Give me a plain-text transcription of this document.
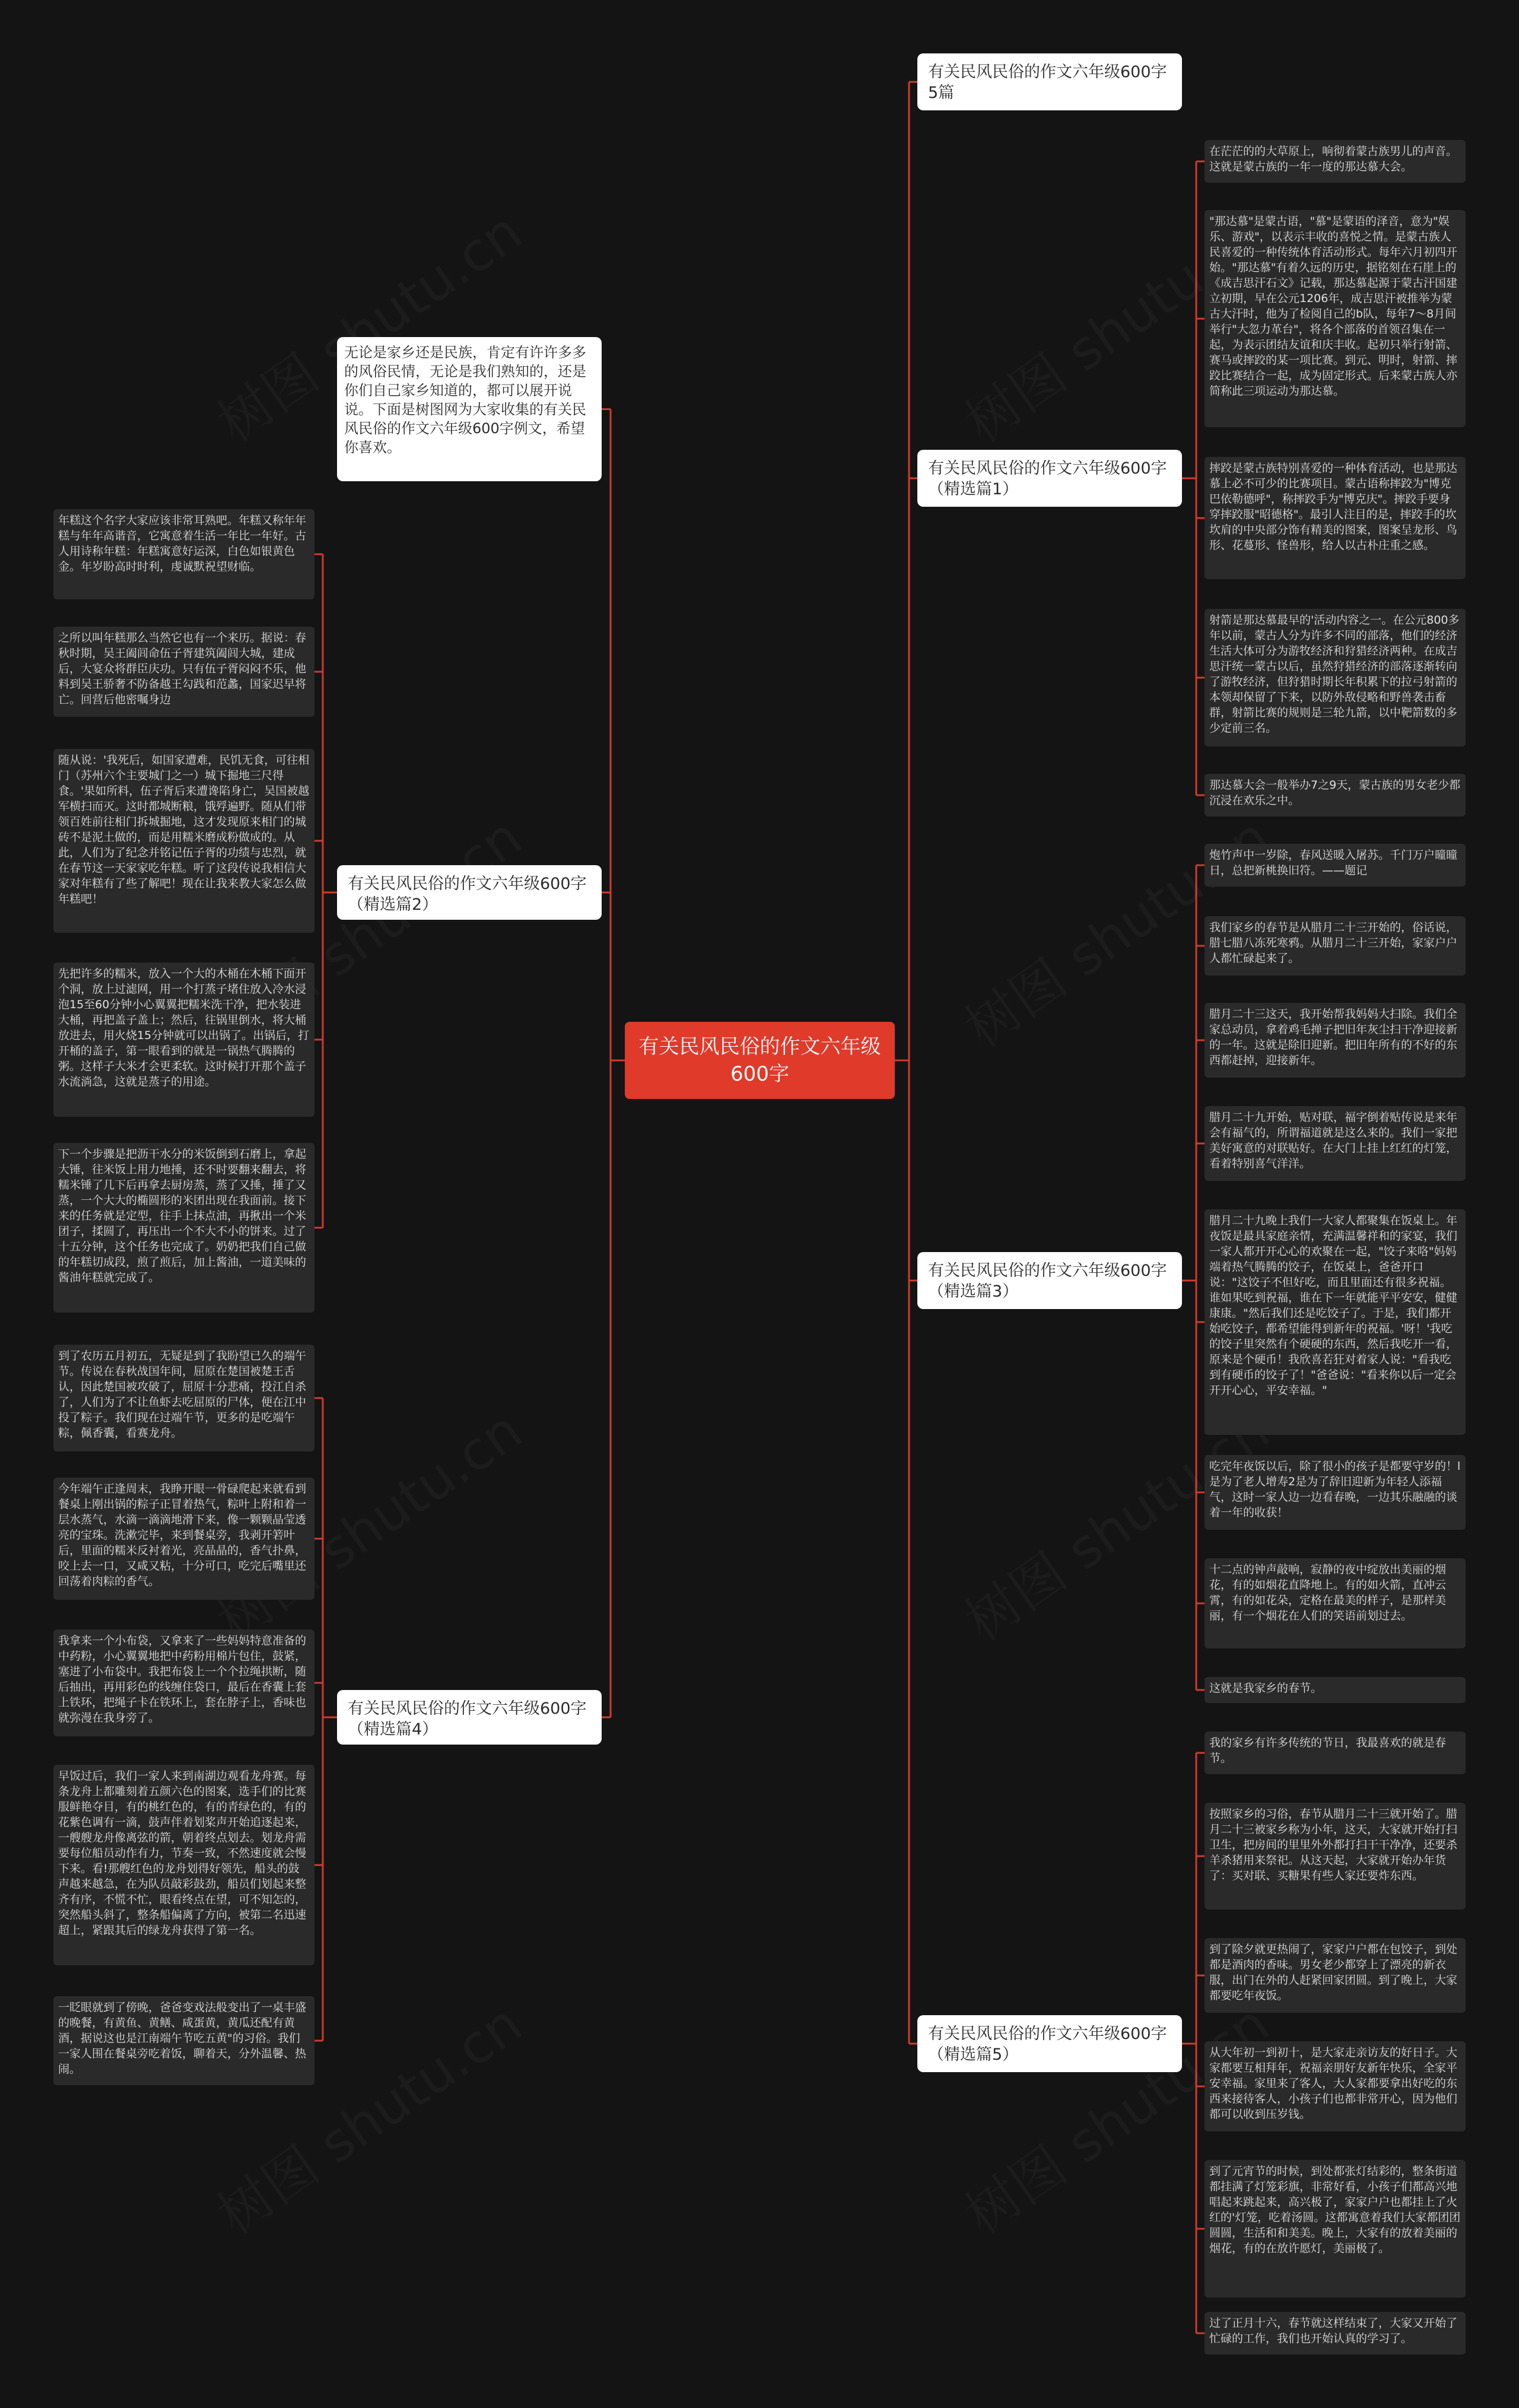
有关民风民俗的作文六年级600字
无论是家乡还是民族，肯定有许许多多的风俗民情，无论是我们熟知的，还是你们自己家乡知道的，都可以展开说说。下面是树图网为大家收集的有关民风民俗的作文六年级600字例文，希望你喜欢。
有关民风民俗的作文六年级600字（精选篇2）
有关民风民俗的作文六年级600字（精选篇4）
有关民风民俗的作文六年级600字5篇
有关民风民俗的作文六年级600字（精选篇1）
有关民风民俗的作文六年级600字（精选篇3）
有关民风民俗的作文六年级600字（精选篇5）
年糕这个名字大家应该非常耳熟吧。年糕又称年年糕与年年高谐音，它寓意着生活一年比一年好。古人用诗称年糕：年糕寓意好运深，白色如银黄色金。年岁盼高时时利，虔诚默祝望财临。
之所以叫年糕那么当然它也有一个来历。据说：春秋时期，吴王阖闾命伍子胥建筑阖闾大城，建成后，大宴众将群臣庆功。只有伍子胥闷闷不乐，他料到吴王骄奢不防备越王勾践和范蠡，国家迟早将亡。回营后他密嘱身边
随从说：'我死后，如国家遭难，民饥无食，可往相门（苏州六个主要城门之一）城下掘地三尺得食。'果如所料，伍子胥后来遭谗陷身亡，吴国被越军横扫而灭。这时都城断粮，饿殍遍野。随从们带领百姓前往相门拆城掘地，这才发现原来相门的城砖不是泥土做的，而是用糯米磨成粉做成的。从此，人们为了纪念并铭记伍子胥的功绩与忠烈，就在春节这一天家家吃年糕。听了这段传说我相信大家对年糕有了些了解吧！现在让我来教大家怎么做年糕吧！
先把许多的糯米，放入一个大的木桶在木桶下面开个洞，放上过滤网，用一个打蒸子堵住放入冷水浸泡15至60分钟小心翼翼把糯米洗干净，把水装进大桶，再把盖子盖上；然后，往锅里倒水，将大桶放进去，用火烧15分钟就可以出锅了。出锅后，打开桶的盖子，第一眼看到的就是一锅热气腾腾的粥。这样子大米才会更柔软。这时候打开那个盖子水流淌急，这就是蒸子的用途。
下一个步骤是把沥干水分的米饭倒到石磨上，拿起大锤，往米饭上用力地捶，还不时要翻来翻去，将糯米锤了几下后再拿去厨房蒸，蒸了又捶，捶了又蒸，一个大大的椭圆形的米团出现在我面前。接下来的任务就是定型，往手上抹点油，再揪出一个米团子，揉圆了，再压出一个不大不小的饼来。过了十五分钟，这个任务也完成了。奶奶把我们自己做的年糕切成段，煎了煎后，加上酱油，一道美味的酱油年糕就完成了。
到了农历五月初五，无疑是到了我盼望已久的端午节。传说在春秋战国年间，屈原在楚国被楚王舌认，因此楚国被攻破了，屈原十分悲痛，投江自杀了，人们为了不让鱼虾去吃屈原的尸体，便在江中投了粽子。我们现在过端午节，更多的是吃端午粽，佩香囊，看赛龙舟。
今年端午正逢周末，我睁开眼一骨碌爬起来就看到餐桌上刚出锅的粽子正冒着热气，粽叶上附和着一层水蒸气，水滴一滴滴地滑下来，像一颗颗晶莹透亮的宝珠。洗漱完毕，来到餐桌旁，我剥开箬叶后，里面的糯米反衬着光，亮晶晶的，香气扑鼻，咬上去一口，又咸又粘，十分可口，吃完后嘴里还回荡着肉粽的香气。
我拿来一个小布袋，又拿来了一些妈妈特意准备的中药粉，小心翼翼地把中药粉用棉片包住，鼓紧，塞进了小布袋中。我把布袋上一个个拉绳拱断，随后抽出，再用彩色的线缠住袋口，最后在香囊上套上铁环，把绳子卡在铁环上，套在脖子上，香味也就弥漫在我身旁了。
早饭过后，我们一家人来到南湖边观看龙舟赛。每条龙舟上都雕刻着五颜六色的图案，选手们的比赛服鲜艳夺目，有的桃红色的，有的青绿色的，有的花紫色调有一滴，鼓声伴着划桨声开始追逐起来，一艘艘龙舟像离弦的箭，朝着终点划去。划龙舟需要每位船员动作有力，节奏一致，不然速度就会慢下来。看!那艘红色的龙舟划得好领先，船头的鼓声越来越急，在为队员敲彩鼓劲，船员们划起来整齐有序，不慌不忙，眼看终点在望，可不知怎的，突然船头斜了，整条船偏离了方向，被第二名迅速超上，紧跟其后的绿龙舟获得了第一名。
一眨眼就到了傍晚，爸爸变戏法般变出了一桌丰盛的晚餐，有黄鱼、黄鳝、咸蛋黄，黄瓜还配有黄酒，据说这也是江南端午节吃五黄"的习俗。我们一家人围在餐桌旁吃着饭，聊着天，分外温馨、热闹。
在茫茫的的大草原上，响彻着蒙古族男儿的声音。这就是蒙古族的一年一度的那达慕大会。
"那达慕"是蒙古语，"慕"是蒙语的泽音，意为"娱乐、游戏"，以表示丰收的喜悦之情。是蒙古族人民喜爱的一种传统体育活动形式。每年六月初四开始。"那达慕"有着久远的历史，据铭刻在石崖上的《成吉思汗石文》记载，那达慕起源于蒙古汗国建立初期，早在公元1206年，成吉思汗被推举为蒙古大汗时，他为了检阅自己的b队，每年7～8月间举行"大忽力革台"，将各个部落的首领召集在一起，为表示团结友谊和庆丰收。起初只举行射箭、赛马或摔跤的某一项比赛。到元、明时，射箭、摔跤比赛结合一起，成为固定形式。后来蒙古族人亦简称此三项运动为那达慕。
摔跤是蒙古族特别喜爱的一种体育活动，也是那达慕上必不可少的比赛项目。蒙古语称摔跤为"博克巴依勒德呼"，称摔跤手为"博克庆"。摔跤手要身穿摔跤服"昭德格"。最引人注目的是，摔跤手的坎坎肩的中央部分饰有精美的图案，图案呈龙形、鸟形、花蔓形、怪兽形，给人以古朴庄重之感。
射箭是那达慕最早的'活动内容之一。在公元800多年以前，蒙古人分为许多不同的部落，他们的经济生活大体可分为游牧经济和狩猎经济两种。在成吉思汗统一蒙古以后，虽然狩猎经济的部落逐渐转向了游牧经济，但狩猎时期长年积累下的拉弓射箭的本领却保留了下来，以防外敌侵略和野兽袭击畜群，射箭比赛的规则是三轮九箭，以中靶箭数的多少定前三名。
那达慕大会一般举办7之9天，蒙古族的男女老少都沉浸在欢乐之中。
炮竹声中一岁除，春风送暖入屠苏。千门万户曈曈日，总把新桃换旧符。——题记
我们家乡的春节是从腊月二十三开始的，俗话说，腊七腊八冻死寒鸦。从腊月二十三开始，家家户户人都忙碌起来了。
腊月二十三这天，我开始帮我妈妈大扫除。我们全家总动员，拿着鸡毛掸子把旧年灰尘扫干净迎接新的一年。这就是除旧迎新。把旧年所有的不好的东西都赶掉，迎接新年。
腊月二十九开始，贴对联，福字倒着贴传说是来年会有福气的，所谓福道就是这么来的。我们一家把美好寓意的对联贴好。在大门上挂上红红的灯笼，看着特别喜气洋洋。
腊月二十九晚上我们一大家人都聚集在饭桌上。年夜饭是最具家庭亲情，充满温馨祥和的家宴，我们一家人都开开心心的欢聚在一起，"饺子来咯"妈妈端着热气腾腾的饺子，在饭桌上，爸爸开口说："这饺子不但好吃，而且里面还有很多祝福。谁如果吃到祝福，谁在下一年就能平平安安，健健康康。"然后我们还是吃饺子了。于是，我们都开始吃饺子，都希望能得到新年的祝福。'呀！'我吃的饺子里突然有个硬硬的东西，然后我吃开一看，原来是个硬币！我欣喜若狂对着家人说："看我吃到有硬币的饺子了！"爸爸说："看来你以后一定会开开心心，平安幸福。"
吃完年夜饭以后，除了很小的孩子是都要守岁的！l是为了老人增寿2是为了辞旧迎新为年轻人添福气，这时一家人边一边看春晚，一边其乐融融的谈着一年的收获！
十二点的钟声敲响，寂静的夜中绽放出美丽的烟花，有的如烟花直降地上。有的如火箭，直冲云霄，有的如花朵，定格在最美的样子，是那样美丽，有一个烟花在人们的笑语前划过去。
这就是我家乡的春节。
我的家乡有许多传统的节日，我最喜欢的就是春节。
按照家乡的习俗，春节从腊月二十三就开始了。腊月二十三被家乡称为小年，这天，大家就开始打扫卫生，把房间的里里外外都打扫干干净净，还要杀羊杀猪用来祭祀。从这天起，大家就开始办年货了：买对联、买糖果有些人家还要炸东西。
到了除夕就更热闹了，家家户户都在包饺子，到处都是酒肉的香味。男女老少都穿上了漂亮的新衣服，出门在外的人赶紧回家团圆。到了晚上，大家都要吃年夜饭。
从大年初一到初十，是大家走亲访友的好日子。大家都要互相拜年，祝福亲朋好友新年快乐，全家平安幸福。家里来了客人，大人家都要拿出好吃的东西来接待客人，小孩子们也都非常开心，因为他们都可以收到压岁钱。
到了元宵节的时候，到处都张灯结彩的，整条街道都挂满了灯笼彩旗，非常好看，小孩子们都高兴地唱起来跳起来，高兴极了，家家户户也都挂上了火红的'灯笼，吃着汤圆。这都寓意着我们大家都团团圆圆，生活和和美美。晚上，大家有的放着美丽的烟花，有的在放许愿灯，美丽极了。
过了正月十六，春节就这样结束了，大家又开始了忙碌的工作，我们也开始认真的学习了。
